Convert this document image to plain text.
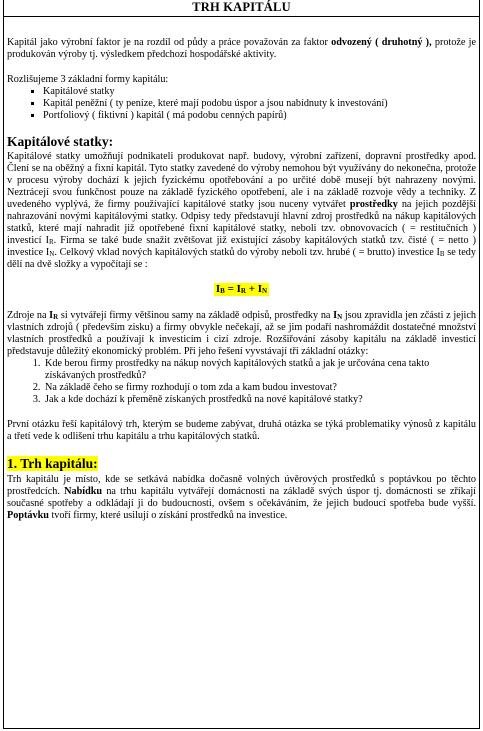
TRH KAPITÁLU

Kapitál jako výrobní faktor je na rozdíl od půdy a práce považován za faktor odvozený ( druhotný ), protože je produkován výroby tj. výsledkem předchozí hospodářské aktivity.

Rozlišujeme 3 základní formy kapitálu:

▪ Kapitálové statky
▪ Kapitál peněžní ( ty peníze, které mají podobu úspor a jsou nabídnuty k investování)
▪ Portfoliový ( fiktivní ) kapitál ( má podobu cenných papírů)
Kapitálové statky:

Kapitálové statky umožňují podnikateli produkovat např. budovy, výrobní zařízení, dopravní prostředky apod. Člení se na oběžný a fixní kapitál. Tyto statky zavedené do výroby nemohou být využívány do nekonečna, protože v procesu výroby dochází k jejich fyzickému opotřebování a po určité době musejí být nahrazeny novými. Neztrácejí svou funkčnost pouze na základě fyzického opotřebení, ale i na základě rozvoje vědy a techniky. Z uvedeného vyplývá, že firmy používající kapitálové statky jsou nuceny vytvářet prostředky na jejich pozdější nahrazování novými kapitálovými statky. Odpisy tedy představují hlavní zdroj prostředků na nákup kapitálových statků, které mají nahradit již opotřebené fixní kapitálové statky, neboli tzv. obnovovacích ( = restitučních ) investicí $I_R$. Firma se také bude snažit zvětšovat již existující zásoby kapitálových statků tzv. čisté ( = netto ) investice $I_N$. Celkový vklad nových kapitálových statků do výroby neboli tzv. hrubé ( = brutto) investice $I_B$ se tedy dělí na dvě složky a vypočítají se :

$I_B = I_R + I_N$

Zdroje na $I_R$ si vytvářejí firmy většinou samy na základě odpisů, prostředky na $I_N$ jsou zpravidla jen zčásti z jejich vlastních zdrojů ( především zisku) a firmy obvykle nečekají, až se jim podaří nashromáždit dostatečné množství vlastních prostředků a používají k investicím i cizí zdroje. Rozšiřování zásoby kapitálu na základě investicí představuje důležitý ekonomický problém. Při jeho řešení vyvstávají tři základní otázky:

1. Kde berou firmy prostředky na nákup nových kapitálových statků a jak je určována cena takto získávaných prostředků?
2. Na základě čeho se firmy rozhodují o tom zda a kam budou investovat?
3. Jak a kde dochází k přeměně získaných prostředků na nové kapitálové statky?

První otázku řeší kapitálový trh, kterým se budeme zabývat, druhá otázka se týká problematiky výnosů z kapitálu a třetí vede k odlišení trhu kapitálu a trhu kapitálových statků.

1. Trh kapitálu:

Trh kapitálu je místo, kde se setkává nabídka dočasně volných úvěrových prostředků s poptávkou po těchto prostředcích. Nabídku na trhu kapitálu vytvářejí domácnosti na základě svých úspor tj. domácnosti se zříkají současné spotřeby a odkládají ji do budoucnosti, ovšem s očekáváním, že jejich budoucí spotřeba bude vyšší. Poptávku tvoří firmy, které usilují o získání prostředků na investice.
